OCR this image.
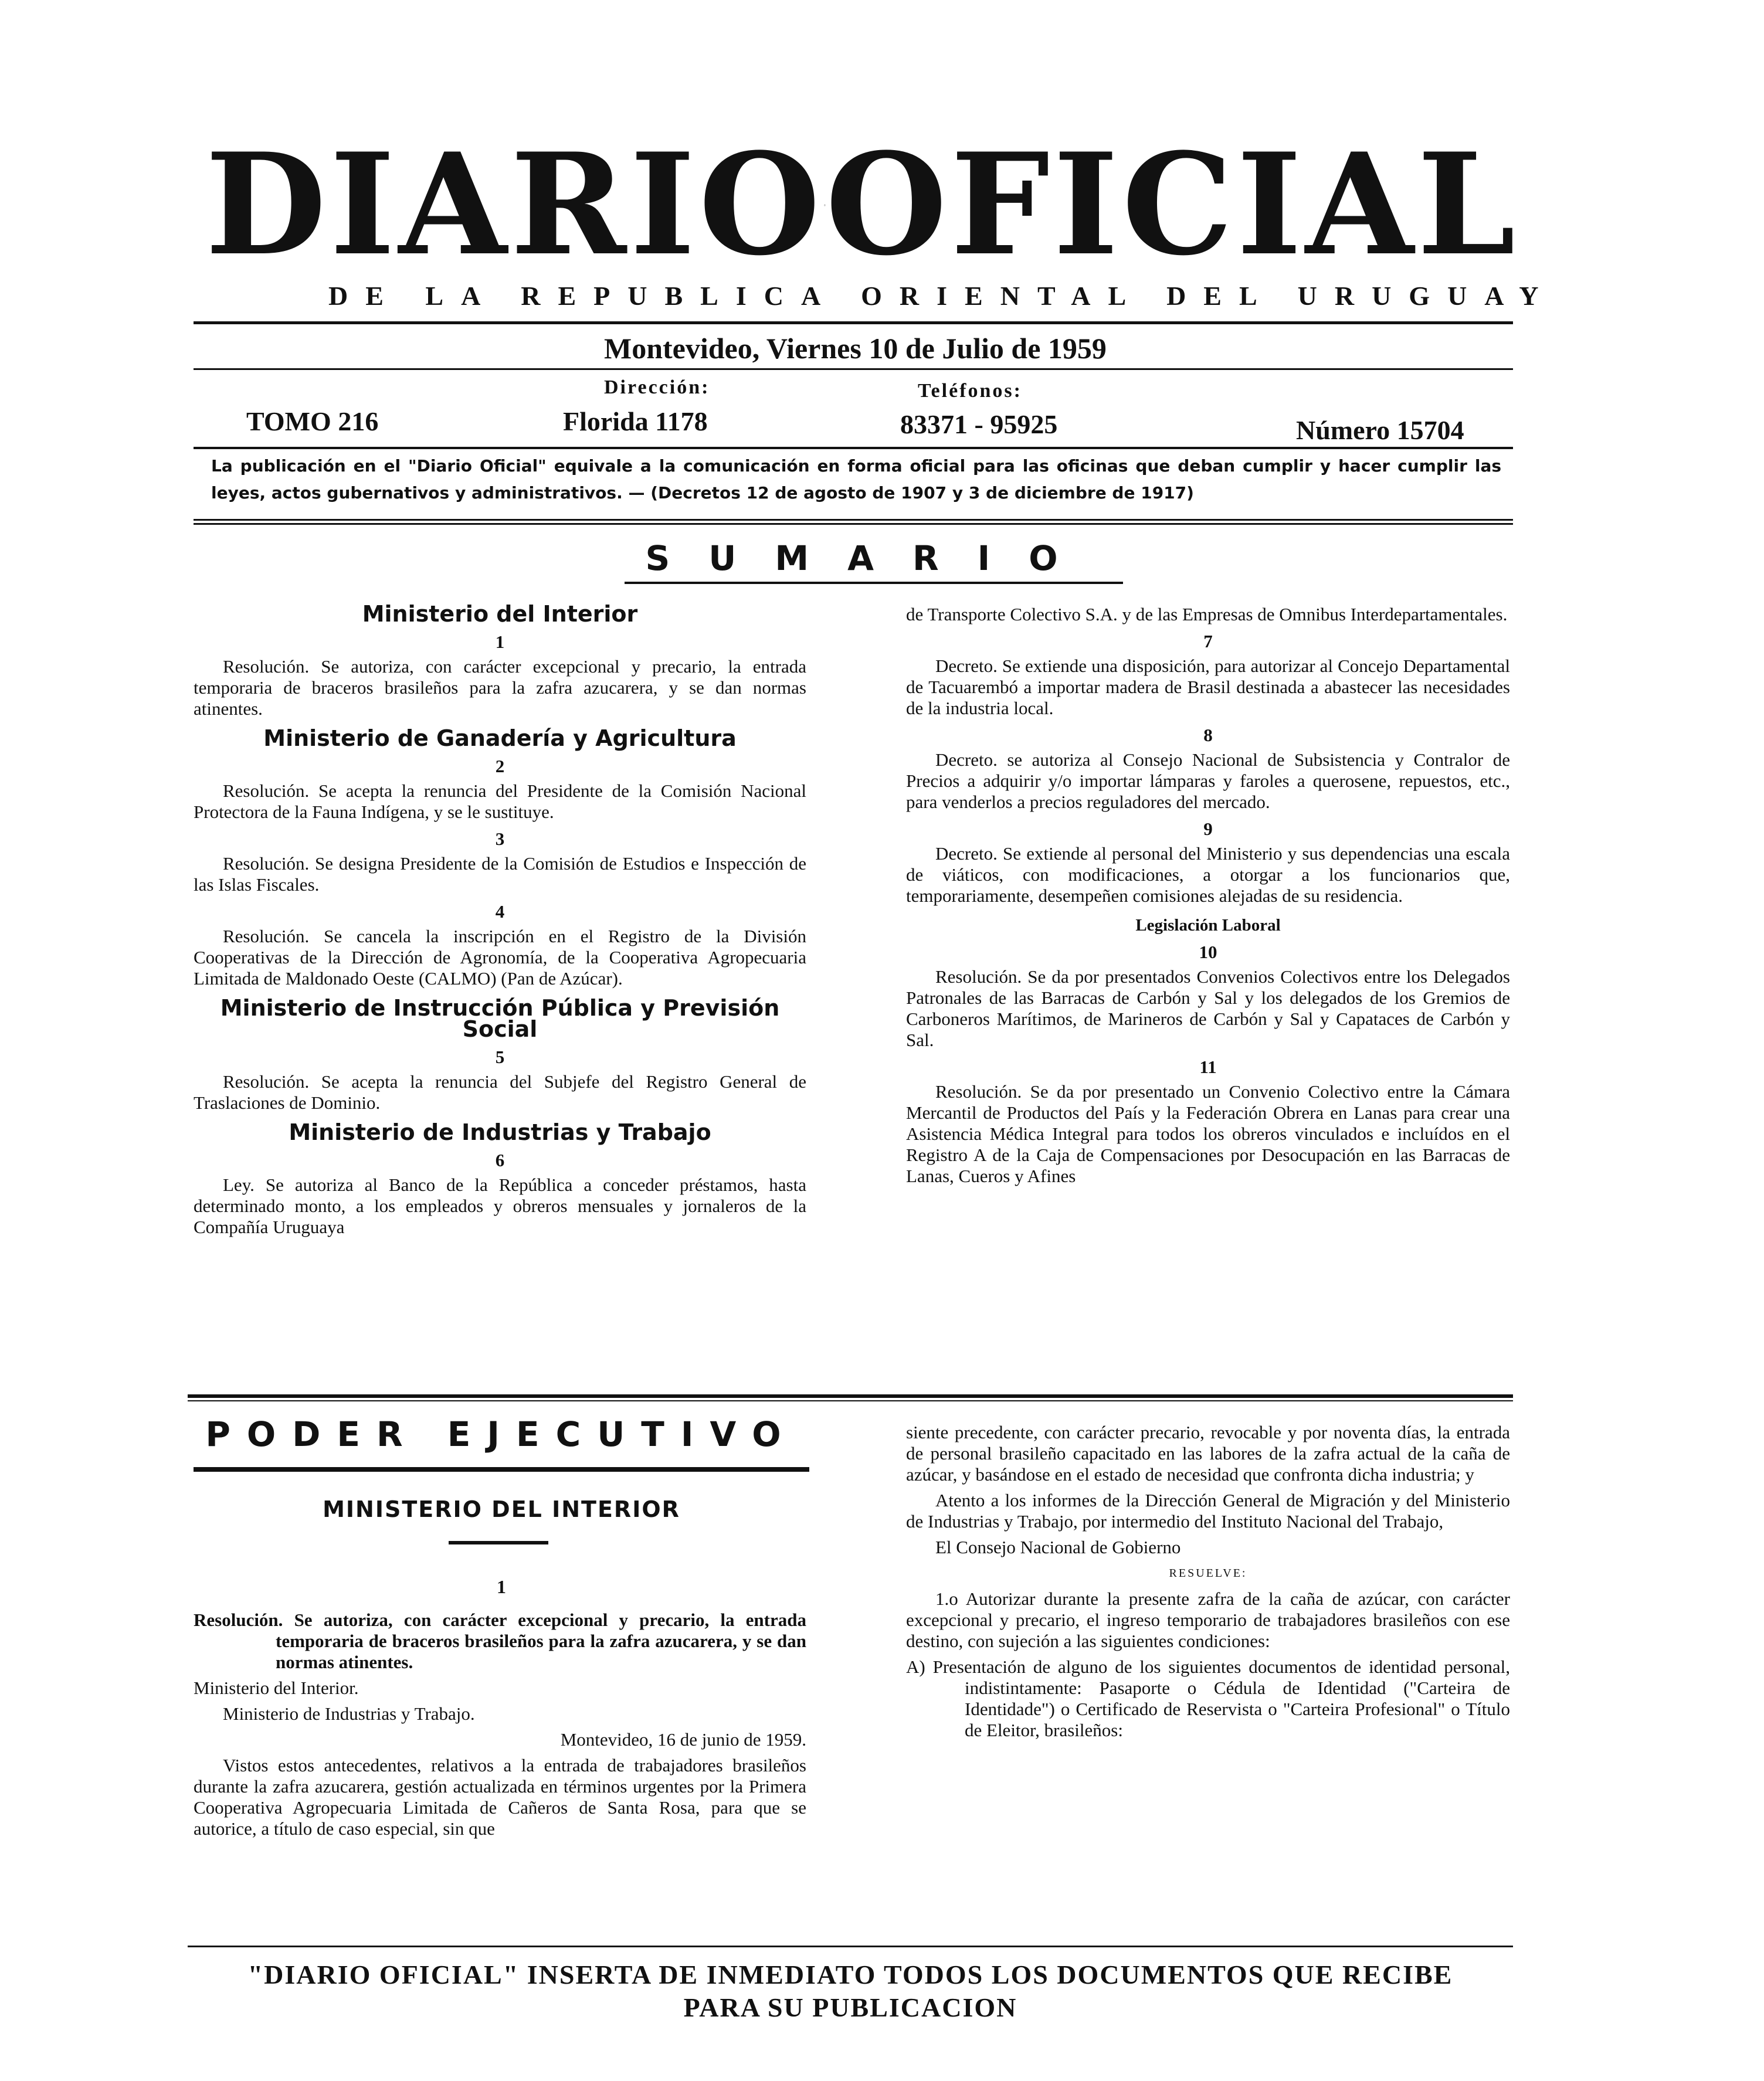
DIARIO OFICIAL
DE LA REPUBLICA ORIENTAL DEL URUGUAY
Montevideo, Viernes 10 de Julio de 1959
Dirección:	Teléfonos:
TOMO 216	Florida 1178	83371 - 95925	Número 15704
La publicación en el "Diario Oficial" equivale a la comunicación en forma oficial para las oficinas que deban cumplir y hacer cumplir las leyes, actos gubernativos y administrativos. — (Decretos 12 de agosto de 1907 y 3 de diciembre de 1917)
SUMARIO

Ministerio del Interior

1

Resolución. Se autoriza, con carácter excepcional y precario, la entrada temporaria de braceros brasileños para la zafra azucarera, y se dan normas atinentes.

Ministerio de Ganadería y Agricultura

2

Resolución. Se acepta la renuncia del Presidente de la Comisión Nacional Protectora de la Fauna Indígena, y se le sustituye.

3

Resolución. Se designa Presidente de la Comisión de Estudios e Inspección de las Islas Fiscales.

4

Resolución. Se cancela la inscripción en el Registro de la División Cooperativas de la Dirección de Agronomía, de la Cooperativa Agropecuaria Limitada de Maldonado Oeste (CALMO) (Pan de Azúcar).

Ministerio de Instrucción Pública y Previsión Social

5

Resolución. Se acepta la renuncia del Subjefe del Registro General de Traslaciones de Dominio.

Ministerio de Industrias y Trabajo

6

Ley. Se autoriza al Banco de la República a conceder préstamos, hasta determinado monto, a los empleados y obreros mensuales y jornaleros de la Compañía Uruguaya

de Transporte Colectivo S.A. y de las Empresas de Omnibus Interdepartamentales.

7

Decreto. Se extiende una disposición, para autorizar al Concejo Departamental de Tacuarembó a importar madera de Brasil destinada a abastecer las necesidades de la industria local.

8

Decreto. se autoriza al Consejo Nacional de Subsistencia y Contralor de Precios a adquirir y/o importar lámparas y faroles a querosene, repuestos, etc., para venderlos a precios reguladores del mercado.

9

Decreto. Se extiende al personal del Ministerio y sus dependencias una escala de viáticos, con modificaciones, a otorgar a los funcionarios que, temporariamente, desempeñen comisiones alejadas de su residencia.

Legislación Laboral

10

Resolución. Se da por presentados Convenios Colectivos entre los Delegados Patronales de las Barracas de Carbón y Sal y los delegados de los Gremios de Carboneros Marítimos, de Marineros de Carbón y Sal y Capataces de Carbón y Sal.

11

Resolución. Se da por presentado un Convenio Colectivo entre la Cámara Mercantil de Productos del País y la Federación Obrera en Lanas para crear una Asistencia Médica Integral para todos los obreros vinculados e incluídos en el Registro A de la Caja de Compensaciones por Desocupación en las Barracas de Lanas, Cueros y Afines

PODER EJECUTIVO
MINISTERIO DEL INTERIOR
1

Resolución. Se autoriza, con carácter excepcional y precario, la entrada temporaria de braceros brasileños para la zafra azucarera, y se dan normas atinentes.

Ministerio del Interior.

Ministerio de Industrias y Trabajo.

Montevideo, 16 de junio de 1959.

Vistos estos antecedentes, relativos a la entrada de trabajadores brasileños durante la zafra azucarera, gestión actualizada en términos urgentes por la Primera Cooperativa Agropecuaria Limitada de Cañeros de Santa Rosa, para que se autorice, a título de caso especial, sin que

siente precedente, con carácter precario, revocable y por noventa días, la entrada de personal brasileño capacitado en las labores de la zafra actual de la caña de azúcar, y basándose en el estado de necesidad que confronta dicha industria; y

Atento a los informes de la Dirección General de Migración y del Ministerio de Industrias y Trabajo, por intermedio del Instituto Nacional del Trabajo,

El Consejo Nacional de Gobierno

RESUELVE:

1.o Autorizar durante la presente zafra de la caña de azúcar, con carácter excepcional y precario, el ingreso temporario de trabajadores brasileños con ese destino, con sujeción a las siguientes condiciones:

A) Presentación de alguno de los siguientes documentos de identidad personal, indistintamente: Pasaporte o Cédula de Identidad ("Carteira de Identidade") o Certificado de Reservista o "Carteira Profesional" o Título de Eleitor, brasileños:

"DIARIO OFICIAL" INSERTA DE INMEDIATO TODOS LOS DOCUMENTOS QUE RECIBE
PARA SU PUBLICACION
